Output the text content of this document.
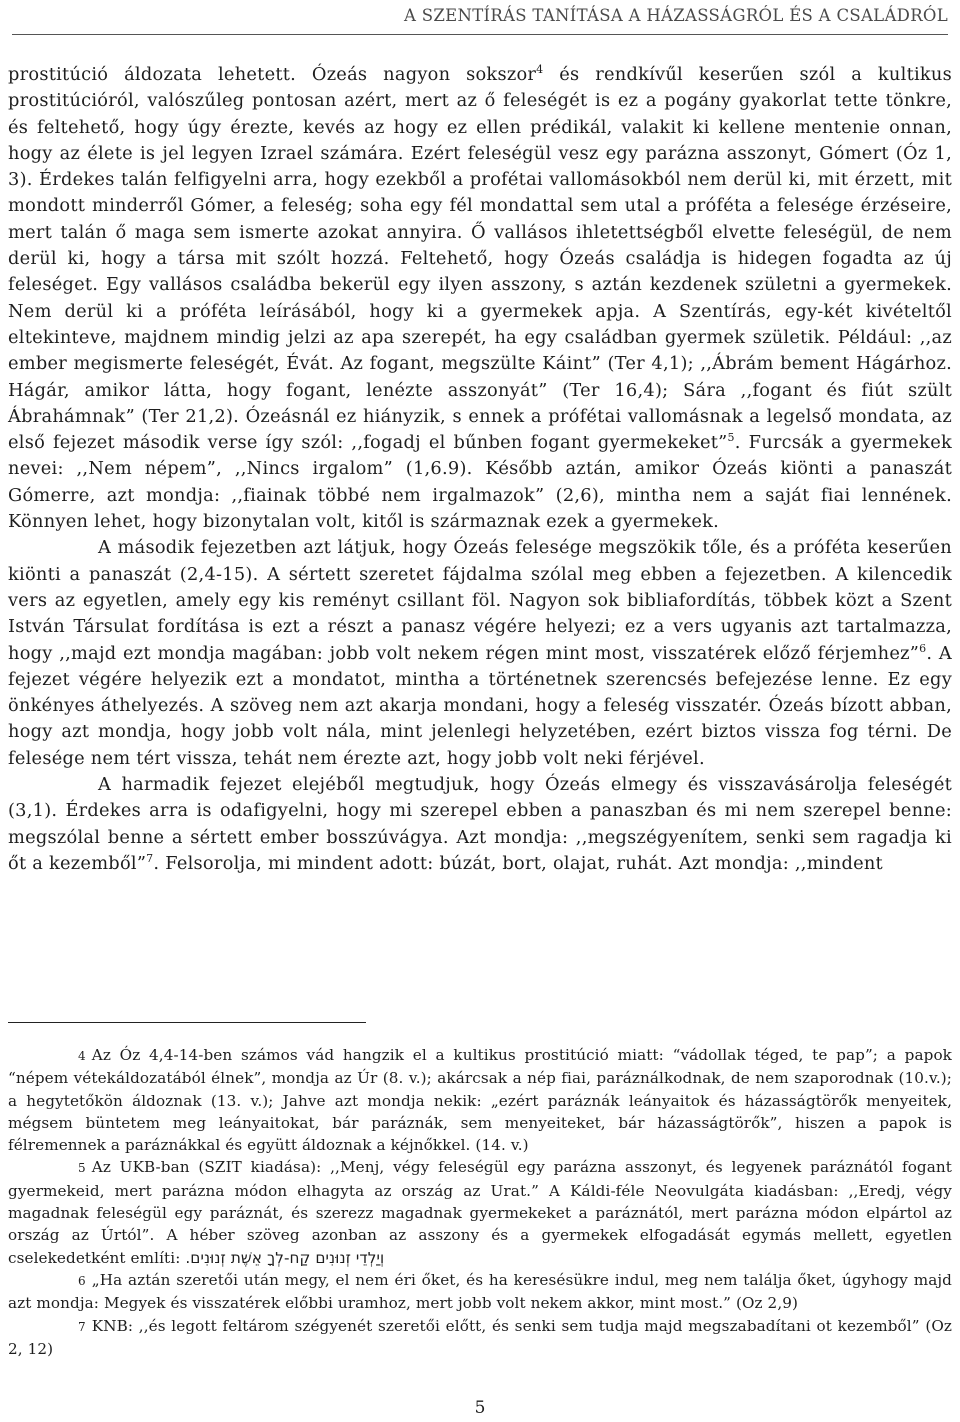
A SZENTÍRÁS TANÍTÁSA A HÁZASSÁGRÓL ÉS A CSALÁDRÓL

prostitúció áldozata lehetett. Ózeás nagyon sokszor$^4$ és rendkívűl keserűen szól a kultikus prostitúcióról, valószűleg pontosan azért, mert az ő feleségét is ez a pogány gyakorlat tette tönkre, és feltehető, hogy úgy érezte, kevés az hogy ez ellen prédikál, valakit ki kellene mentenie onnan, hogy az élete is jel legyen Izrael számára. Ezért feleségül vesz egy parázna asszonyt, Gómert (Óz 1, 3). Érdekes talán felfigyelni arra, hogy ezekből a profétai vallomásokból nem derül ki, mit érzett, mit mondott minderről Gómer, a feleség; soha egy fél mondattal sem utal a próféta a felesége érzéseire, mert talán ő maga sem ismerte azokat annyira. Ő vallásos ihletettségből elvette feleségül, de nem derül ki, hogy a társa mit szólt hozzá. Feltehető, hogy Ózeás családja is hidegen fogadta az új feleséget. Egy vallásos családba bekerül egy ilyen asszony, s aztán kezdenek születni a gyermekek. Nem derül ki a próféta leírásából, hogy ki a gyermekek apja. A Szentírás, egy-két kivételtől eltekinteve, majdnem mindig jelzi az apa szerepét, ha egy családban gyermek születik. Például: ,,az ember megismerte feleségét, Évát. Az fogant, megszülte Káint” (Ter 4,1); ,,Ábrám bement Hágárhoz. Hágár, amikor látta, hogy fogant, lenézte asszonyát” (Ter 16,4); Sára ,,fogant és fiút szült Ábrahámnak” (Ter 21,2). Ózeásnál ez hiányzik, s ennek a prófétai vallomásnak a legelső mondata, az első fejezet második verse így szól: ,,fogadj el bűnben fogant gyermekeket”$^5$. Furcsák a gyermekek nevei: ,,Nem népem”, ,,Nincs irgalom” (1,6.9). Később aztán, amikor Ózeás kiönti a panaszát Gómerre, azt mondja: ,,fiainak többé nem irgalmazok” (2,6), mintha nem a saját fiai lennének. Könnyen lehet, hogy bizonytalan volt, kitől is származnak ezek a gyermekek.

A második fejezetben azt látjuk, hogy Ózeás felesége megszökik tőle, és a próféta keserűen kiönti a panaszát (2,4-15). A sértett szeretet fájdalma szólal meg ebben a fejezetben. A kilencedik vers az egyetlen, amely egy kis reményt csillant föl. Nagyon sok bibliafordítás, többek közt a Szent István Társulat fordítása is ezt a részt a panasz végére helyezi; ez a vers ugyanis azt tartalmazza, hogy ,,majd ezt mondja magában: jobb volt nekem régen mint most, visszatérek előző férjemhez”$^6$. A fejezet végére helyezik ezt a mondatot, mintha a történetnek szerencsés befejezése lenne. Ez egy önkényes áthelyezés. A szöveg nem azt akarja mondani, hogy a feleség visszatér. Ózeás bízott abban, hogy azt mondja, hogy jobb volt nála, mint jelenlegi helyzetében, ezért biztos vissza fog térni. De felesége nem tért vissza, tehát nem érezte azt, hogy jobb volt neki férjével.

A harmadik fejezet elejéből megtudjuk, hogy Ózeás elmegy és visszavásárolja feleségét (3,1). Érdekes arra is odafigyelni, hogy mi szerepel ebben a panaszban és mi nem szerepel benne: megszólal benne a sértett ember bosszúvágya. Azt mondja: ,,megszégyenítem, senki sem ragadja ki őt a kezemből”$^7$. Felsorolja, mi mindent adott: búzát, bort, olajat, ruhát. Azt mondja: ,,mindent

4 Az Óz 4,4-14-ben számos vád hangzik el a kultikus prostitúció miatt: “vádollak téged, te pap”; a papok “népem vétekáldozatából élnek”, mondja az Úr (8. v.); akárcsak a nép fiai, paráználkodnak, de nem szaporodnak (10.v.); a hegytetőkön áldoznak (13. v.); Jahve azt mondja nekik: „ezért paráznák leányaitok és házasságtörők menyeitek, mégsem büntetem meg leányaitokat, bár paráznák, sem menyeiteket, bár házasságtörők”, hiszen a papok is félremennek a paráznákkal és együtt áldoznak a kéjnőkkel. (14. v.)

5 Az UKB-ban (SZIT kiadása): ,,Menj, végy feleségül egy parázna asszonyt, és legyenek paráznától fogant gyermekeid, mert parázna módon elhagyta az ország az Urat.” A Káldi-féle Neovulgáta kiadásban: ,,Eredj, végy magadnak feleségül egy paráznát, és szerezz magadnak gyermekeket a paráznától, mert parázna módon elpártol az ország az Úrtól”. A héber szöveg azonban az asszony és a gyermekek elfogadását egymás mellett, egyetlen cselekedetként említi: וְיַלְדֵי זְנוּנִים קַח-לְךָ אֵשֶׁת זְנוּנִים.

6 „Ha aztán szeretői után megy, el nem éri őket, és ha keresésükre indul, meg nem találja őket, úgyhogy majd azt mondja: Megyek és visszatérek előbbi uramhoz, mert jobb volt nekem akkor, mint most.” (Oz 2,9)

7 KNB: ,,és legott feltárom szégyenét szeretői előtt, és senki sem tudja majd megszabadítani ot kezemből” (Oz 2, 12)

5
